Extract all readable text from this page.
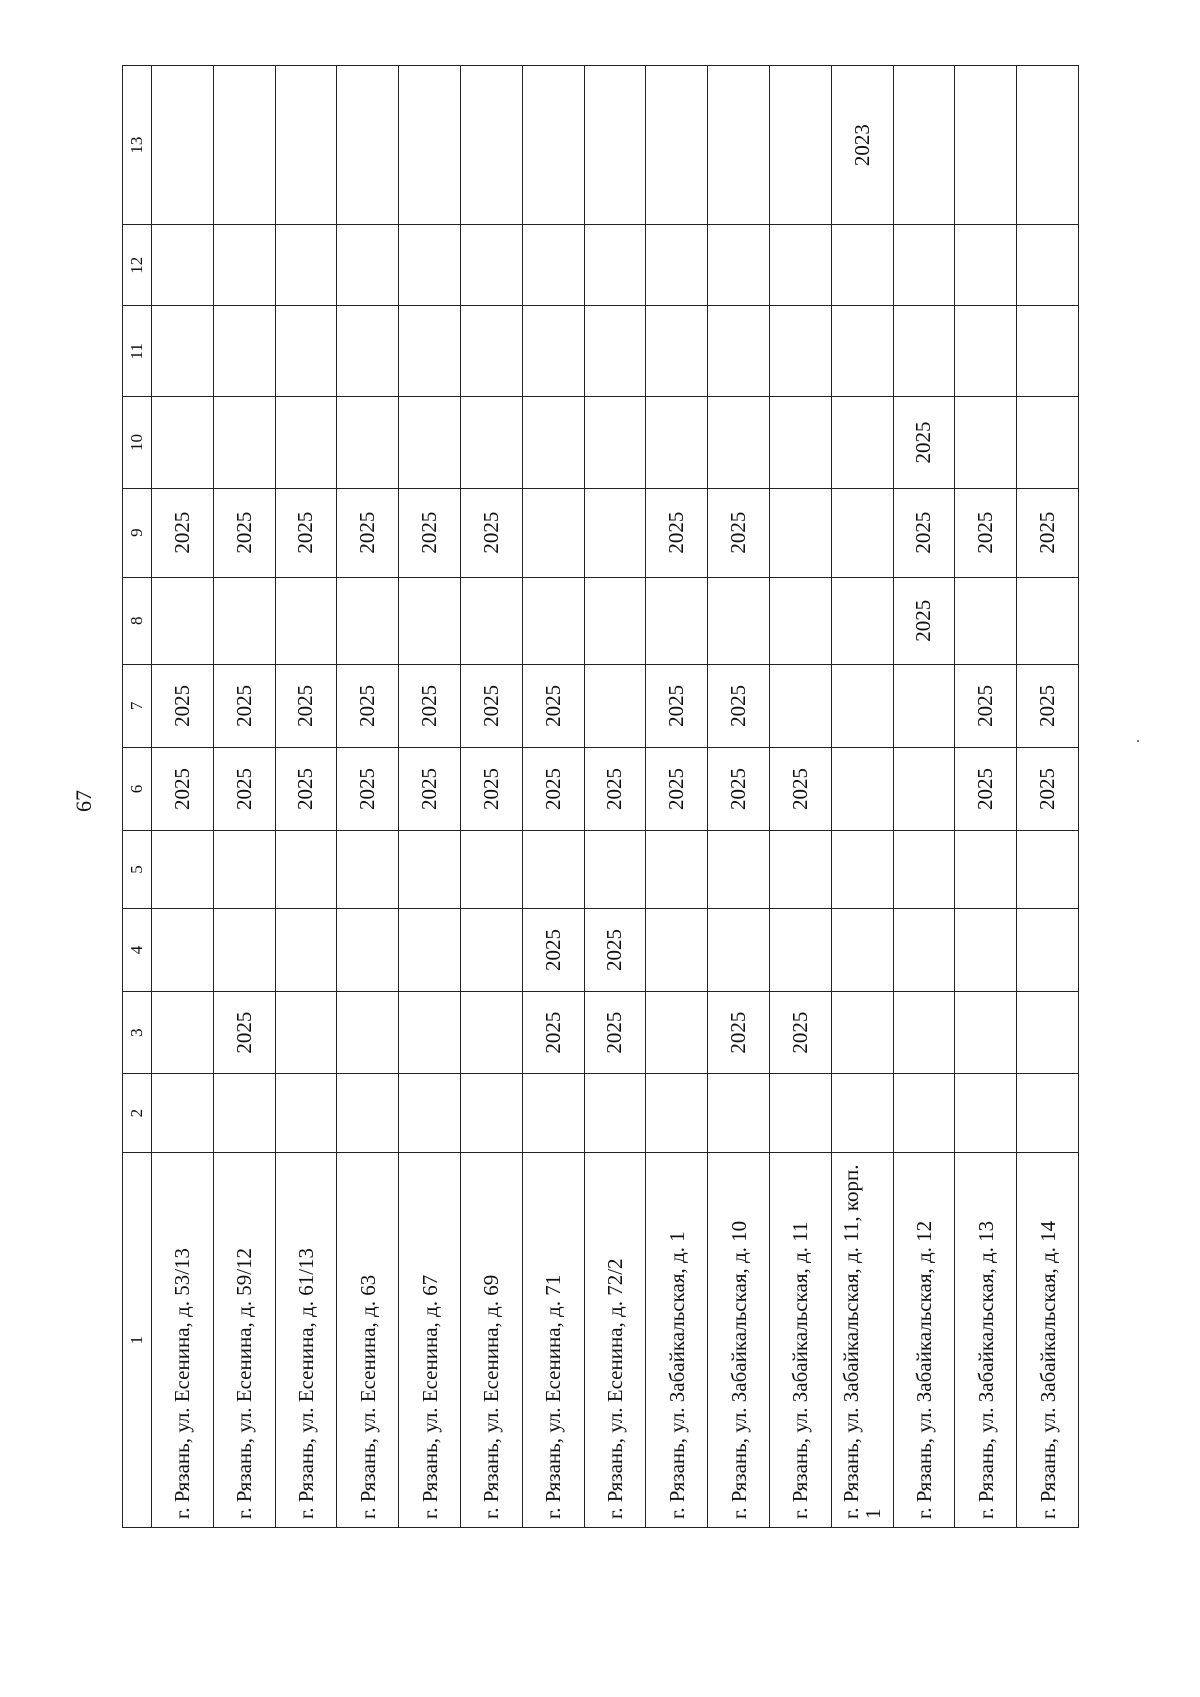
67
1	2	3	4	5	6	7	8	9	10	11	12	13
г. Рязань, ул. Есенина, д. 53/13					2025	2025		2025				
г. Рязань, ул. Есенина, д. 59/12		2025			2025	2025		2025				
г. Рязань, ул. Есенина, д. 61/13					2025	2025		2025				
г. Рязань, ул. Есенина, д. 63					2025	2025		2025				
г. Рязань, ул. Есенина, д. 67					2025	2025		2025				
г. Рязань, ул. Есенина, д. 69					2025	2025		2025				
г. Рязань, ул. Есенина, д. 71		2025	2025		2025	2025						
г. Рязань, ул. Есенина, д. 72/2		2025	2025		2025							
г. Рязань, ул. Забайкальская, д. 1					2025	2025		2025				
г. Рязань, ул. Забайкальская, д. 10		2025			2025	2025		2025				
г. Рязань, ул. Забайкальская, д. 11		2025			2025							
г. Рязань, ул. Забайкальская, д. 11, корп. 1												2023
г. Рязань, ул. Забайкальская, д. 12							2025	2025	2025			
г. Рязань, ул. Забайкальская, д. 13					2025	2025		2025				
г. Рязань, ул. Забайкальская, д. 14					2025	2025		2025				
